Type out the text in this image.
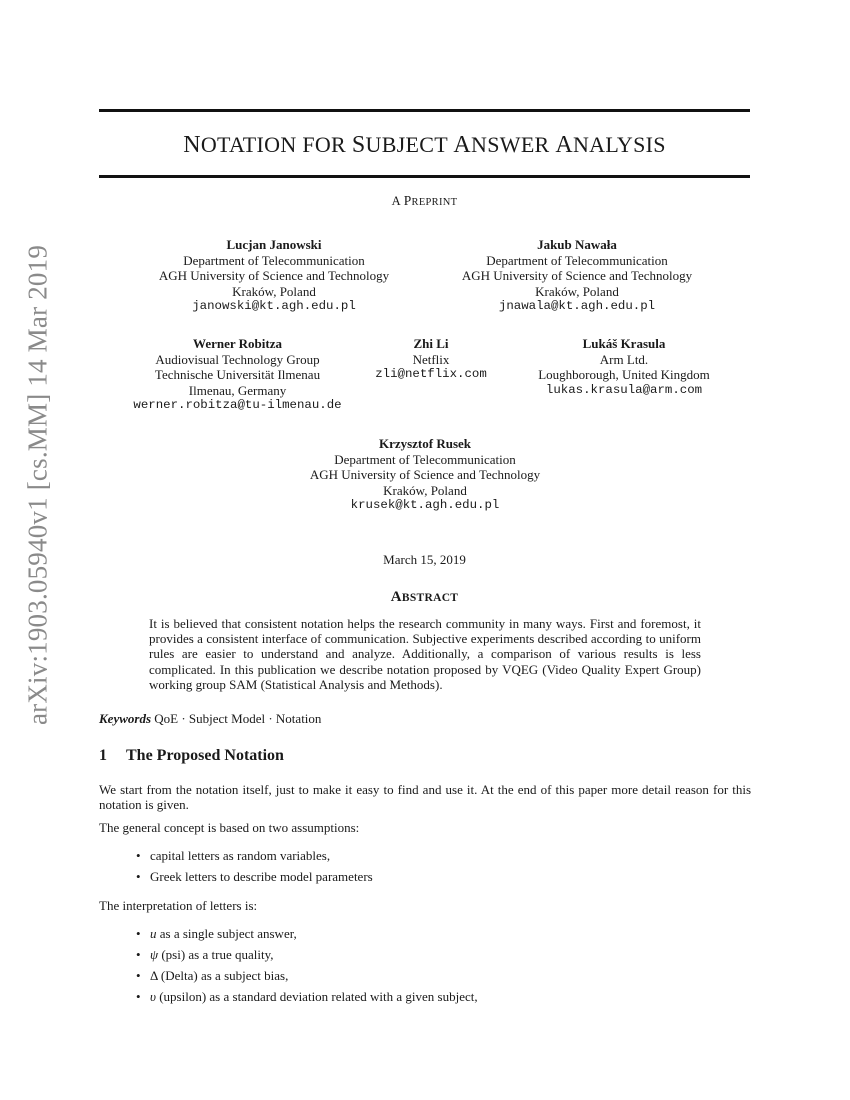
arXiv:1903.05940v1 [cs.MM] 14 Mar 2019
NOTATION FOR SUBJECT ANSWER ANALYSIS
A PREPRINT
Lucjan Janowski
Department of Telecommunication
AGH University of Science and Technology
Kraków, Poland
janowski@kt.agh.edu.pl
Jakub Nawała
Department of Telecommunication
AGH University of Science and Technology
Kraków, Poland
jnawala@kt.agh.edu.pl
Werner Robitza
Audiovisual Technology Group
Technische Universität Ilmenau
Ilmenau, Germany
werner.robitza@tu-ilmenau.de
Zhi Li
Netflix
zli@netflix.com
Lukáš Krasula
Arm Ltd.
Loughborough, United Kingdom
lukas.krasula@arm.com
Krzysztof Rusek
Department of Telecommunication
AGH University of Science and Technology
Kraków, Poland
krusek@kt.agh.edu.pl
March 15, 2019
ABSTRACT
It is believed that consistent notation helps the research community in many ways. First and foremost, it provides a consistent interface of communication. Subjective experiments described according to uniform rules are easier to understand and analyze. Additionally, a comparison of various results is less complicated. In this publication we describe notation proposed by VQEG (Video Quality Expert Group) working group SAM (Statistical Analysis and Methods).
Keywords QoE · Subject Model · Notation
1 The Proposed Notation
We start from the notation itself, just to make it easy to find and use it. At the end of this paper more detail reason for this notation is given.
The general concept is based on two assumptions:
• capital letters as random variables,
• Greek letters to describe model parameters
The interpretation of letters is:
• u as a single subject answer,
• ψ (psi) as a true quality,
• Δ (Delta) as a subject bias,
• υ (upsilon) as a standard deviation related with a given subject,
